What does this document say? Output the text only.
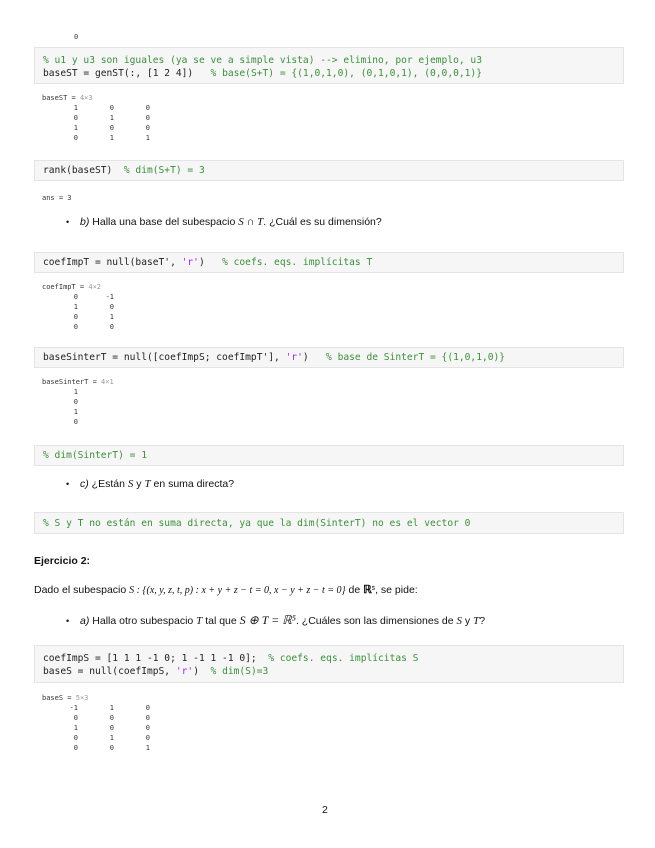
0
% u1 y u3 son iguales (ya se ve a simple vista) --> elimino, por ejemplo, u3
baseST = genST(:, [1 2 4]) % base(S+T) = {(1,0,1,0), (0,1,0,1), (0,0,0,1)}
baseST = 4×3
1	0	0
0	1	0
1	0	0
0	1	1
rank(baseST) % dim(S+T) = 3
ans = 3
• b) Halla una base del subespacio S ∩ T. ¿Cuál es su dimensión?
coefImpT = null(baseT', 'r') % coefs. eqs. implícitas T
coefImpT = 4×2
0	-1
1	0
0	1
0	0
baseSinterT = null([coefImpS; coefImpT'], 'r') % base de SinterT = {(1,0,1,0)}
baseSinterT = 4×1
1
0
1
0
% dim(SinterT) = 1
• c) ¿Están S y T en suma directa?
% S y T no están en suma directa, ya que la dim(SinterT) no es el vector 0
Ejercicio 2:
Dado el subespacio S : {(x, y, z, t, p) : x + y + z − t = 0, x − y + z − t = 0} de ℝ⁵, se pide:
• a) Halla otro subespacio T tal que S ⊕ T = ℝ⁵. ¿Cuáles son las dimensiones de S y T?
coefImpS = [1 1 1 -1 0; 1 -1 1 -1 0]; % coefs. eqs. implícitas S
baseS = null(coefImpS, 'r') % dim(S)=3
baseS = 5×3
-1	1	0
0	0	0
1	0	0
0	1	0
0	0	1
2
